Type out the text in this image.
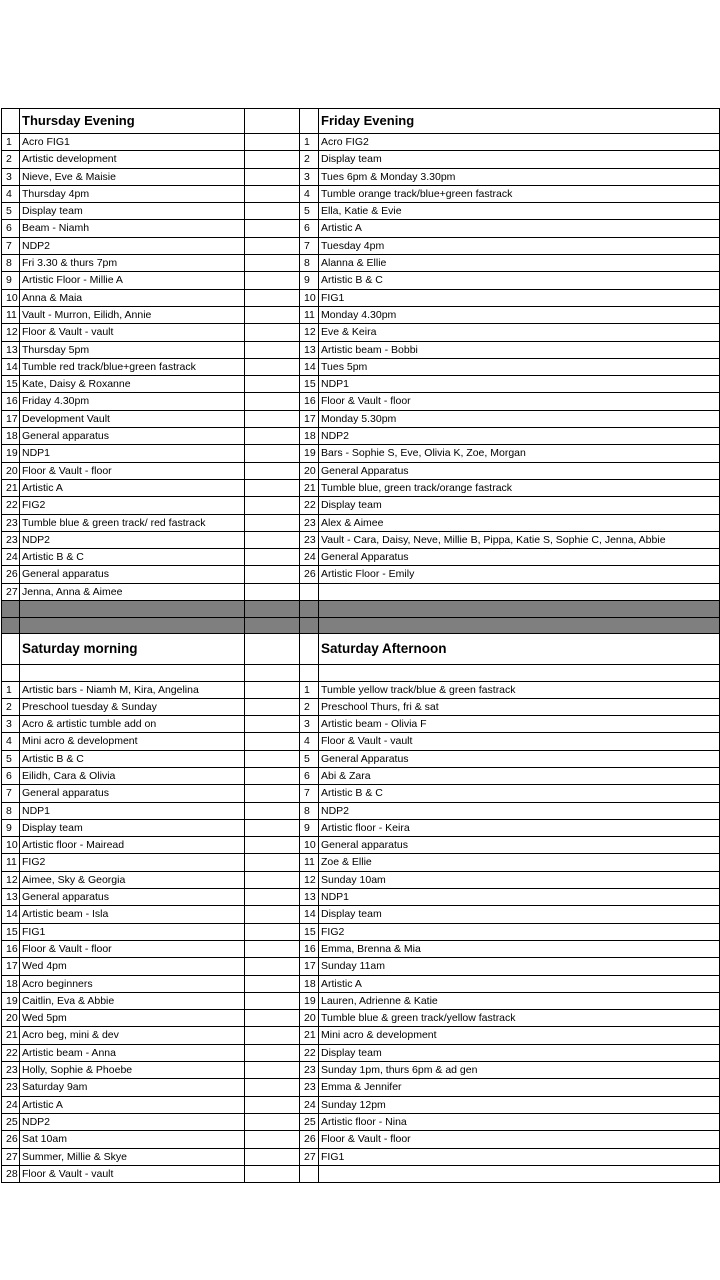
	Thursday Evening			Friday Evening
1	Acro FIG1		1	Acro FIG2
2	Artistic development		2	Display team
3	Nieve, Eve & Maisie		3	Tues 6pm & Monday 3.30pm
4	Thursday 4pm		4	Tumble orange track/blue+green fastrack
5	Display team		5	Ella, Katie & Evie
6	Beam - Niamh		6	Artistic A
7	NDP2		7	Tuesday 4pm
8	Fri 3.30 & thurs 7pm		8	Alanna & Ellie
9	Artistic Floor - Millie A		9	Artistic B & C
10	Anna & Maia		10	FIG1
11	Vault - Murron, Eilidh, Annie		11	Monday 4.30pm
12	Floor & Vault - vault		12	Eve & Keira
13	Thursday 5pm		13	Artistic beam - Bobbi
14	Tumble red track/blue+green fastrack		14	Tues 5pm
15	Kate, Daisy & Roxanne		15	NDP1
16	Friday 4.30pm		16	Floor & Vault - floor
17	Development Vault		17	Monday 5.30pm
18	General apparatus		18	NDP2
19	NDP1		19	Bars - Sophie S, Eve, Olivia K, Zoe, Morgan
20	Floor & Vault - floor		20	General Apparatus
21	Artistic A		21	Tumble blue, green track/orange fastrack
22	FIG2		22	Display team
23	Tumble blue & green track/ red fastrack		23	Alex & Aimee
23	NDP2		23	Vault - Cara, Daisy, Neve, Millie B, Pippa, Katie S, Sophie C, Jenna, Abbie
24	Artistic B & C		24	General Apparatus
26	General apparatus		26	Artistic Floor - Emily
27	Jenna, Anna & Aimee			

	Saturday morning			Saturday Afternoon

1	Artistic bars - Niamh M, Kira, Angelina		1	Tumble yellow track/blue & green fastrack
2	Preschool tuesday & Sunday		2	Preschool Thurs, fri & sat
3	Acro & artistic tumble add on		3	Artistic beam - Olivia F
4	Mini acro & development		4	Floor & Vault - vault
5	Artistic B & C		5	General Apparatus
6	Eilidh, Cara & Olivia		6	Abi & Zara
7	General apparatus		7	Artistic B & C
8	NDP1		8	NDP2
9	Display team		9	Artistic floor - Keira
10	Artistic floor - Mairead		10	General apparatus
11	FIG2		11	Zoe & Ellie
12	Aimee, Sky & Georgia		12	Sunday 10am
13	General apparatus		13	NDP1
14	Artistic beam - Isla		14	Display team
15	FIG1		15	FIG2
16	Floor & Vault - floor		16	Emma, Brenna & Mia
17	Wed 4pm		17	Sunday 11am
18	Acro beginners		18	Artistic A
19	Caitlin, Eva & Abbie		19	Lauren, Adrienne & Katie
20	Wed 5pm		20	Tumble blue & green track/yellow fastrack
21	Acro beg, mini & dev		21	Mini acro & development
22	Artistic beam - Anna		22	Display team
23	Holly, Sophie & Phoebe		23	Sunday 1pm, thurs 6pm & ad gen
23	Saturday 9am		23	Emma & Jennifer
24	Artistic A		24	Sunday 12pm
25	NDP2		25	Artistic floor - Nina
26	Sat 10am		26	Floor & Vault - floor
27	Summer, Millie & Skye		27	FIG1
28	Floor & Vault - vault			
